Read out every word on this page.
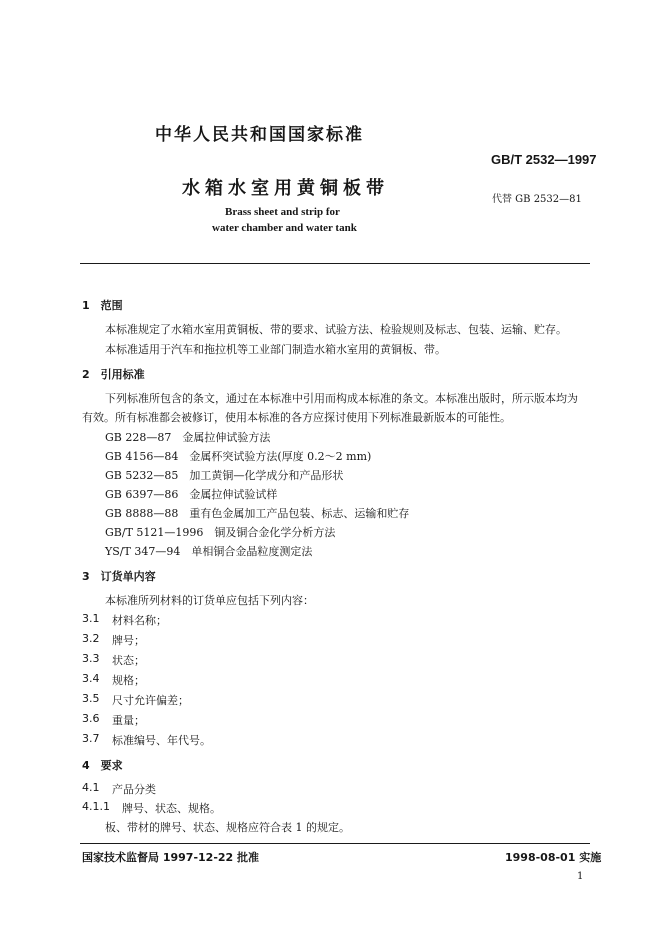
中华人民共和国国家标准
GB/T 2532—1997
水箱水室用黄铜板带
代替 GB 2532—81
Brass sheet and strip for
water chamber and water tank
1　范围
本标准规定了水箱水室用黄铜板、带的要求、试验方法、检验规则及标志、包装、运输、贮存。
本标准适用于汽车和拖拉机等工业部门制造水箱水室用的黄铜板、带。
2　引用标准
下列标准所包含的条文，通过在本标准中引用而构成本标准的条文。本标准出版时，所示版本均为
有效。所有标准都会被修订，使用本标准的各方应探讨使用下列标准最新版本的可能性。
GB 228—87　金属拉伸试验方法
GB 4156—84　金属杯突试验方法(厚度 0.2～2 mm)
GB 5232—85　加工黄铜—化学成分和产品形状
GB 6397—86　金属拉伸试验试样
GB 8888—88　重有色金属加工产品包装、标志、运输和贮存
GB/T 5121—1996　铜及铜合金化学分析方法
YS/T 347—94　单相铜合金晶粒度测定法
3　订货单内容
本标准所列材料的订货单应包括下列内容：
3.1 材料名称；
3.2 牌号；
3.3 状态；
3.4 规格；
3.5 尺寸允许偏差；
3.6 重量；
3.7 标准编号、年代号。
4　要求
4.1 产品分类
4.1.1 牌号、状态、规格。
板、带材的牌号、状态、规格应符合表 1 的规定。
国家技术监督局 1997-12-22 批准	1998-08-01 实施
1
